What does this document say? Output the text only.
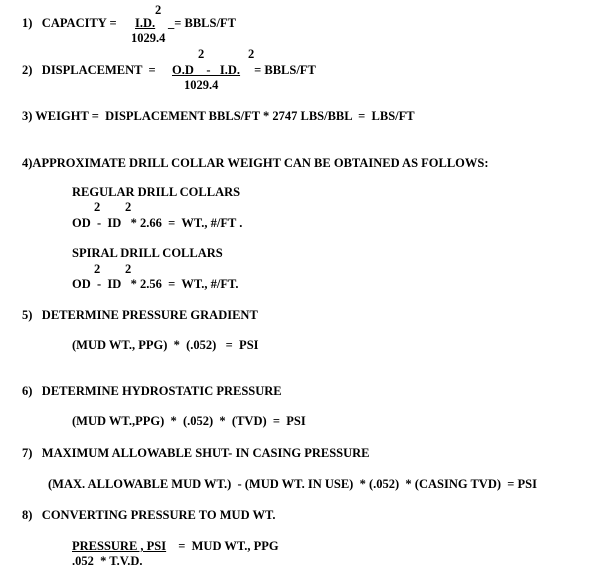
2
1)   CAPACITY = I.D. _= BBLS/FT
1029.4
2	2
2)   DISPLACEMENT  = O.D    -   I.D. = BBLS/FT
1029.4
3) WEIGHT =  DISPLACEMENT BBLS/FT * 2747 LBS/BBL  =  LBS/FT
4)APPROXIMATE DRILL COLLAR WEIGHT CAN BE OBTAINED AS FOLLOWS:
REGULAR DRILL COLLARS
2 2
OD  -  ID   * 2.66  =  WT., #/FT .
SPIRAL DRILL COLLARS
2 2
OD  -  ID   * 2.56  =  WT., #/FT.
5)   DETERMINE PRESSURE GRADIENT
(MUD WT., PPG)  *  (.052)   =  PSI
6)   DETERMINE HYDROSTATIC PRESSURE
(MUD WT.,PPG)  *  (.052)  *  (TVD)  =  PSI
7)   MAXIMUM ALLOWABLE SHUT- IN CASING PRESSURE
(MAX. ALLOWABLE MUD WT.)  - (MUD WT. IN USE)  * (.052)  * (CASING TVD)  = PSI
8)   CONVERTING PRESSURE TO MUD WT.
PRESSURE , PSI =  MUD WT., PPG
.052  * T.V.D.
